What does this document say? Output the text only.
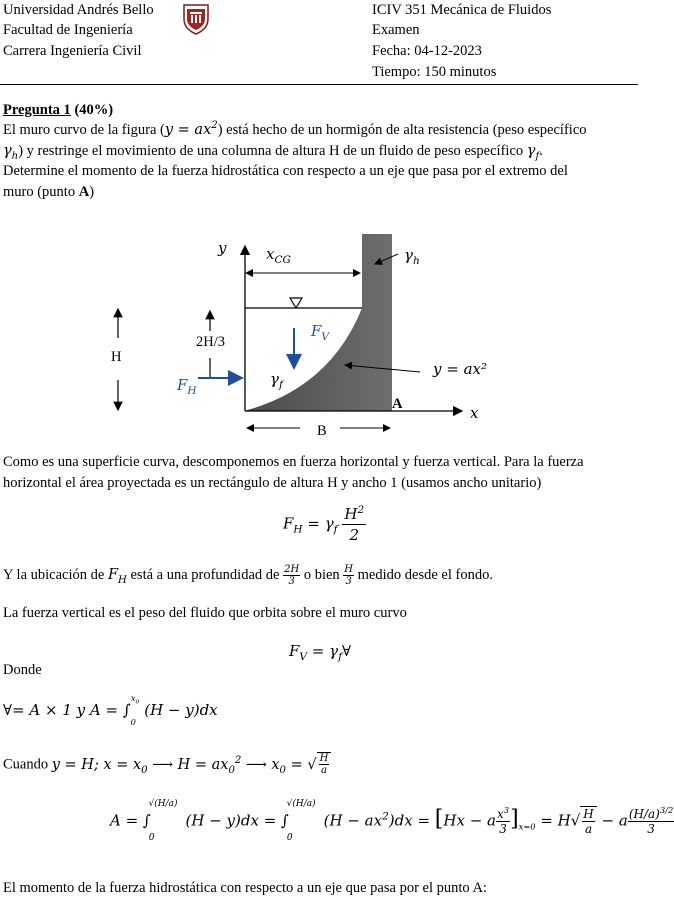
Universidad Andrés Bello
Facultad de Ingeniería
Carrera Ingeniería Civil
ICIV 351 Mecánica de Fluidos
Examen
Fecha: 04-12-2023
Tiempo: 150 minutos
Pregunta 1 (40%)
El muro curvo de la figura $(y = ax^2)$ está hecho de un hormigón de alta resistencia (peso específico
$\gamma_h$) y restringe el movimiento de una columna de altura H de un fluido de peso específico $\gamma_f$.
Determine el momento de la fuerza hidrostática con respecto a un eje que pasa por el extremo del
muro (punto A)
y	$x_{CG}$	$\gamma_h$
H
2H/3
$F_V$
$F_H$
$\gamma_f$
y = ax²
A	x
B
Como es una superficie curva, descomponemos en fuerza horizontal y fuerza vertical. Para la fuerza horizontal el área proyectada es un rectángulo de altura H y ancho 1 (usamos ancho unitario)
$F_H = \gamma_f \frac{H^2}{2}$
Y la ubicación de $F_H$ está a una profundidad de $\frac{2H}{3}$ o bien $\frac{H}{3}$ medido desde el fondo.
La fuerza vertical es el peso del fluido que orbita sobre el muro curvo
$F_V$ = $\gamma_f\forall$
Donde
∀= A × 1 y $A = \int_0^{x_0}$ (H − y)dx
Cuando y = H; $x = x_0$ ⟶ $H = ax_0^2$ ⟶ $x_0$ = √ $\frac{H}{a}$
$A = \int_0^{√(H/a)}(H - y)dx = \int_0^{√(H/a)}(H - ax^2)dx = [Hx - a \frac{x^3}{3} ]_{x=0} = H√ \frac{H}{a} - a \frac{(H/a)^{3/2}}{3}$
El momento de la fuerza hidrostática con respecto a un eje que pasa por el punto A:
